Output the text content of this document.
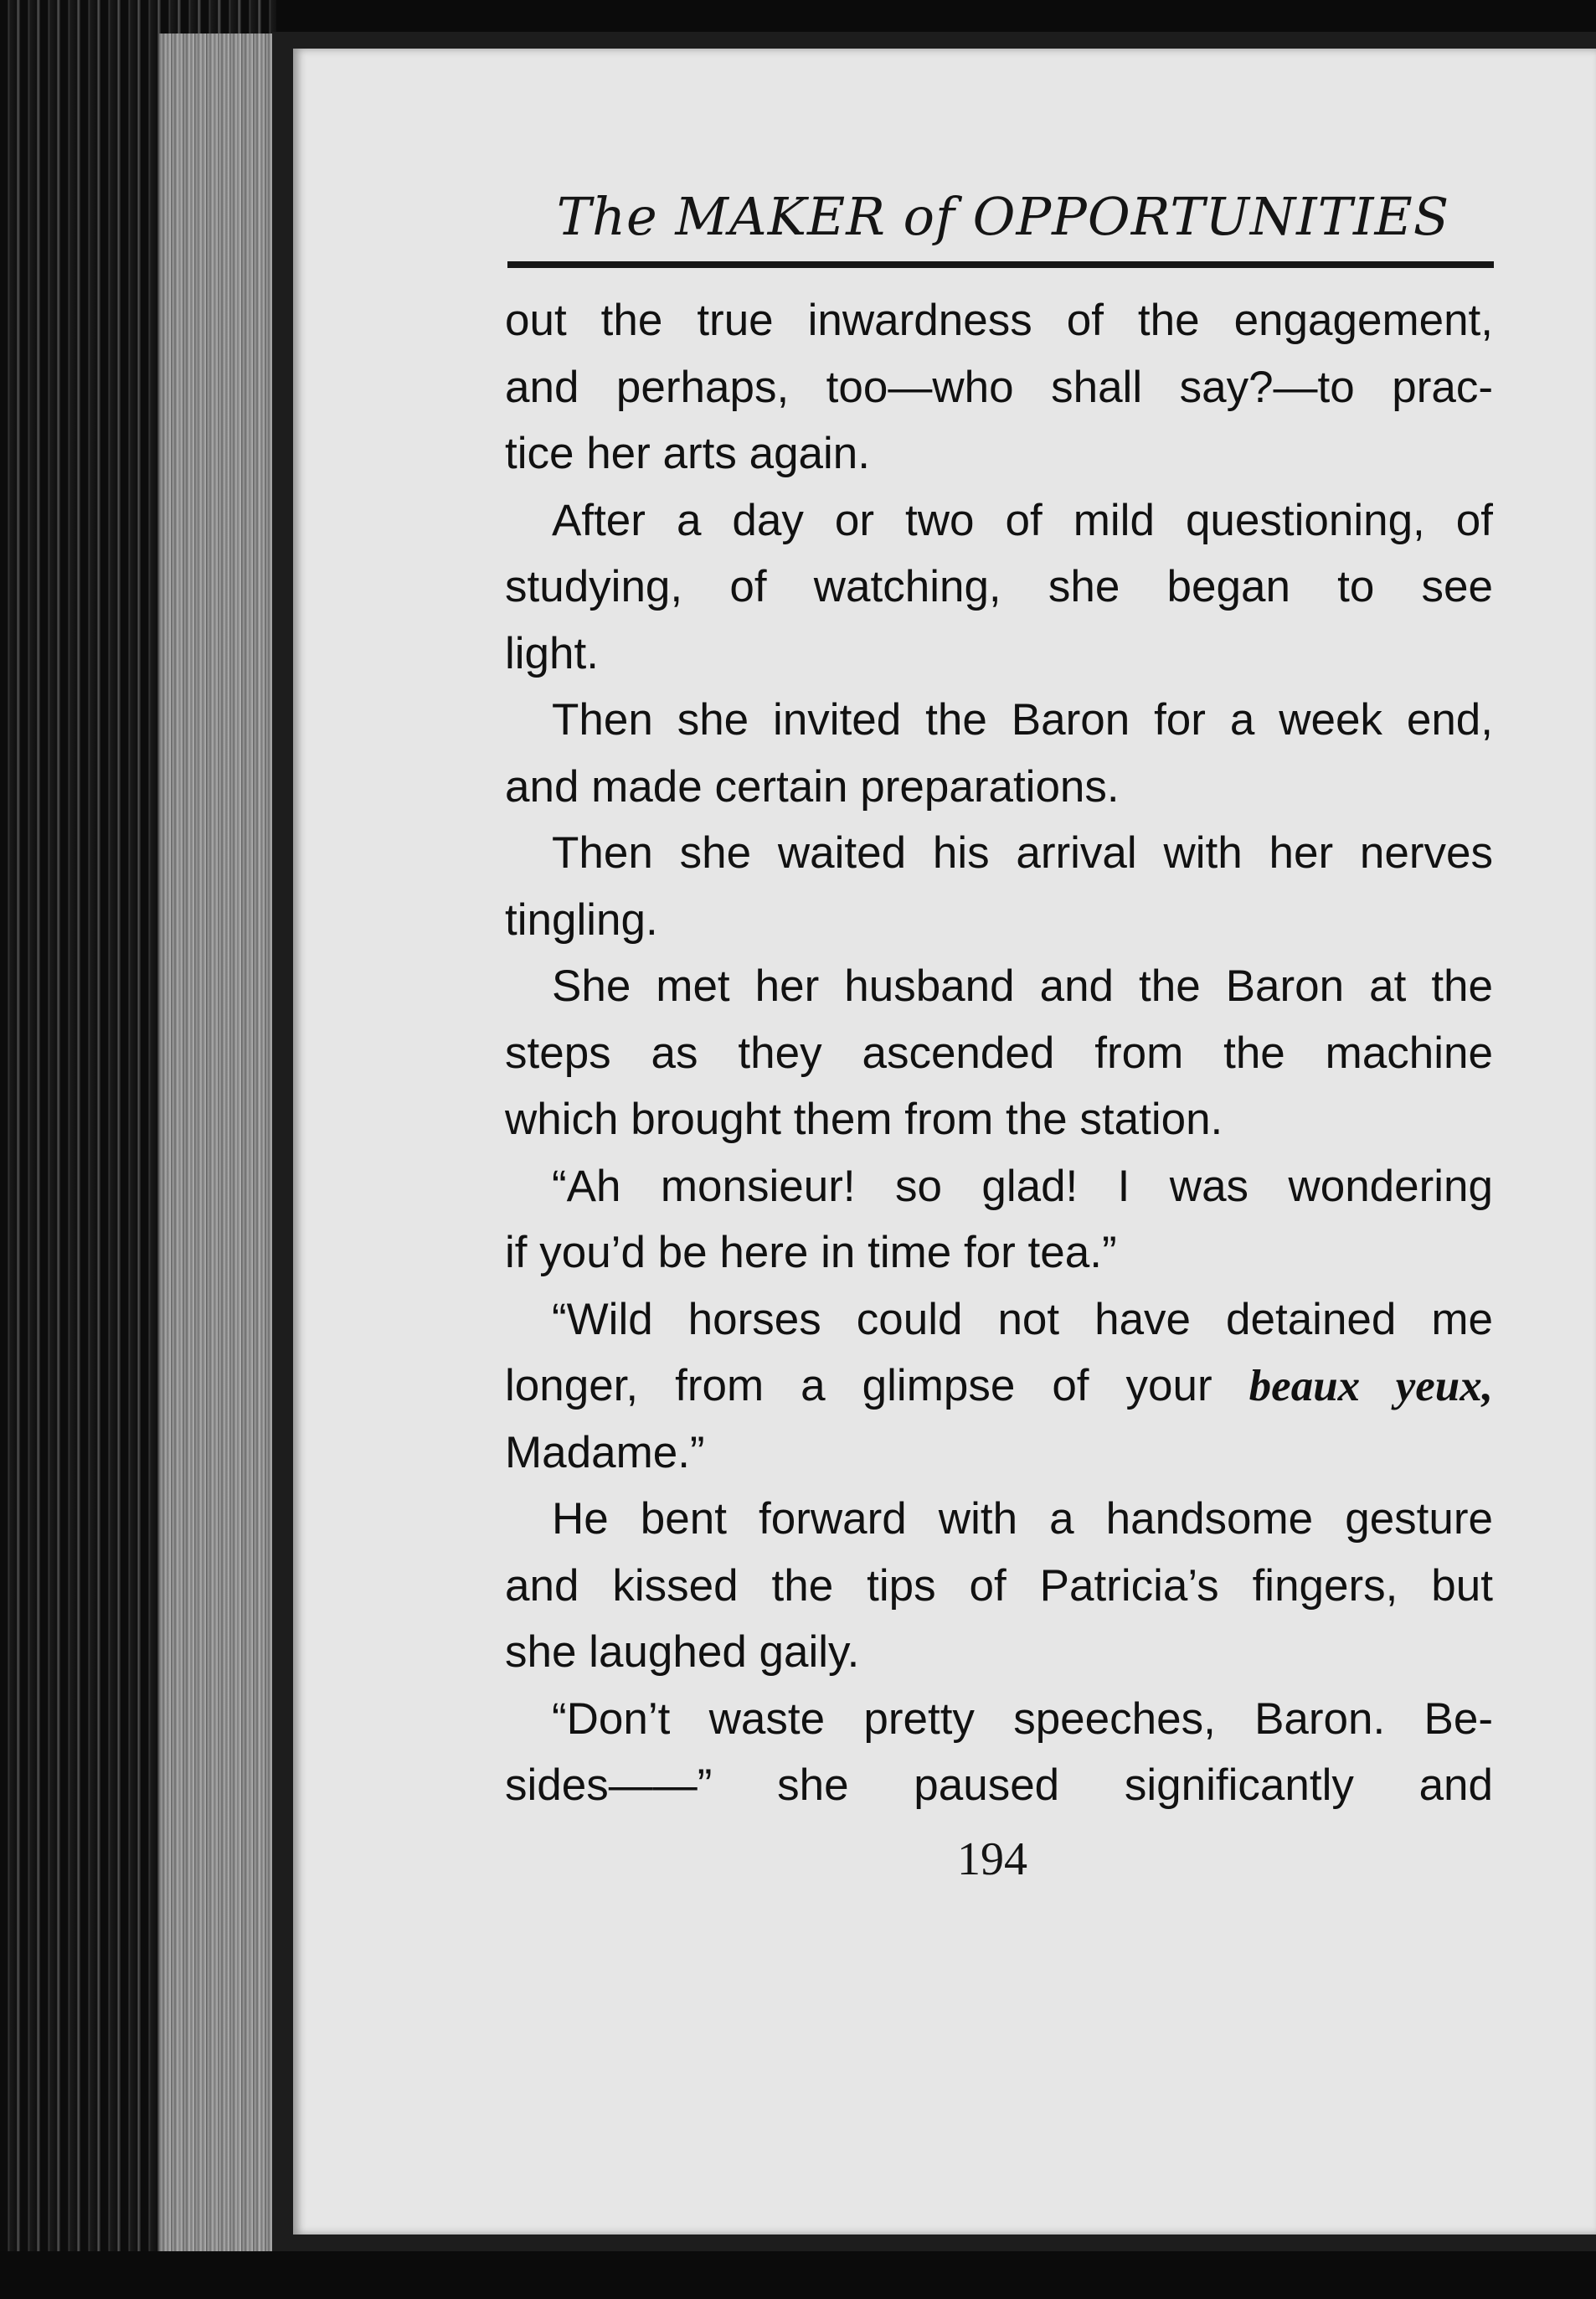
The MAKER of OPPORTUNITIES
out the true inwardness of the engagement,
and perhaps, too—who shall say?—to prac-
tice her arts again.
After a day or two of mild questioning, of
studying, of watching, she began to see
light.
Then she invited the Baron for a week end,
and made certain preparations.
Then she waited his arrival with her nerves
tingling.
She met her husband and the Baron at the
steps as they ascended from the machine
which brought them from the station.
“Ah monsieur! so glad! I was wondering
if you’d be here in time for tea.”
“Wild horses could not have detained me
longer, from a glimpse of your beaux yeux,
Madame.”
He bent forward with a handsome gesture
and kissed the tips of Patricia’s fingers, but
she laughed gaily.
“Don’t waste pretty speeches, Baron. Be-
sides——” she paused significantly and
194
